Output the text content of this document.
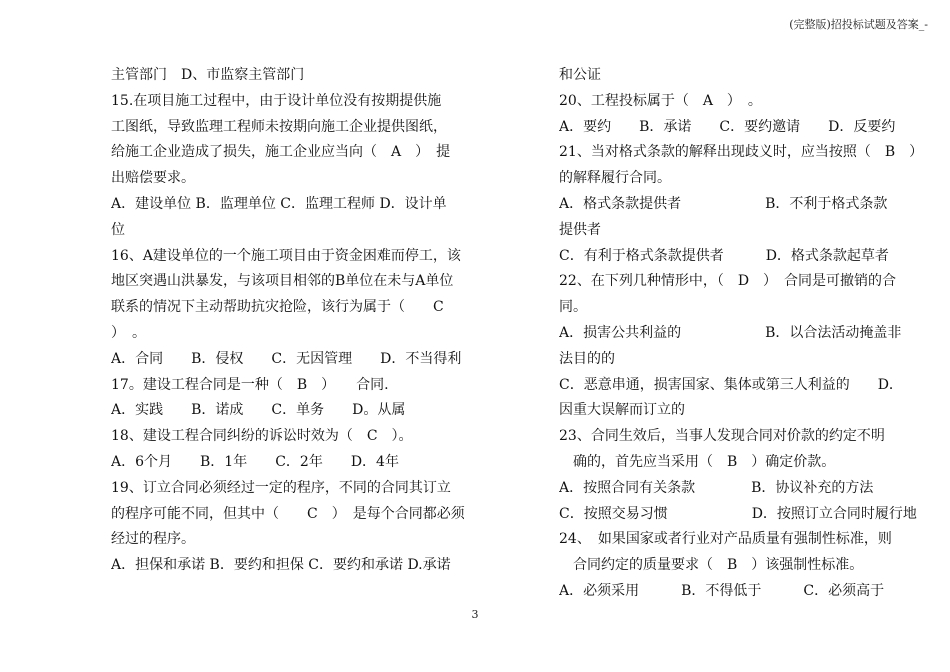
(完整版)招投标试题及答案_-
主管部门　D、市监察主管部门
15.在项目施工过程中，由于设计单位没有按期提供施
工图纸，导致监理工程师未按期向施工企业提供图纸，
给施工企业造成了损失，施工企业应当向（　A　）　提
出赔偿要求。
A．建设单位 B．监理单位 C．监理工程师 D．设计单
位
16、A建设单位的一个施工项目由于资金困难而停工，该
地区突遇山洪暴发，与该项目相邻的B单位在未与A单位
联系的情况下主动帮助抗灾抢险，该行为属于（　　C
）　。
A．合同　　B．侵权　　C．无因管理　　D．不当得利
17。建设工程合同是一种（　B　）　　合同.
A．实践　　B．诺成　　C．单务　　D。从属
18、建设工程合同纠纷的诉讼时效为（　C　）。
A．6个月　　B．1年　　C．2年　　D．4年
19、订立合同必须经过一定的程序，不同的合同其订立
的程序可能不同，但其中（　　C　）　是每个合同都必须
经过的程序。
A．担保和承诺 B．要约和担保 C．要约和承诺 D.承诺
和公证
20、工程投标属于（　A　）　。
A．要约　　B．承诺　　C．要约邀请　　D．反要约
21、当对格式条款的解释出现歧义时，应当按照（　B　）
的解释履行合同。
A．格式条款提供者　　　　　　B．不利于格式条款
提供者
C．有利于格式条款提供者　　　D．格式条款起草者
22、在下列几种情形中，（　D　）　合同是可撤销的合
同。
A．损害公共利益的　　　　　　B．以合法活动掩盖非
法目的的
C．恶意串通，损害国家、集体或第三人利益的　　D．
因重大误解而订立的
23、合同生效后，当事人发现合同对价款的约定不明
　确的，首先应当采用（　B　）确定价款。
A．按照合同有关条款　　　　B．协议补充的方法
C．按照交易习惯　　　　　　D．按照订立合同时履行地
24、　如果国家或者行业对产品质量有强制性标准，则
　合同约定的质量要求（　B　）该强制性标准。
A．必须采用　　　B．不得低于　　　C．必须高于
3
